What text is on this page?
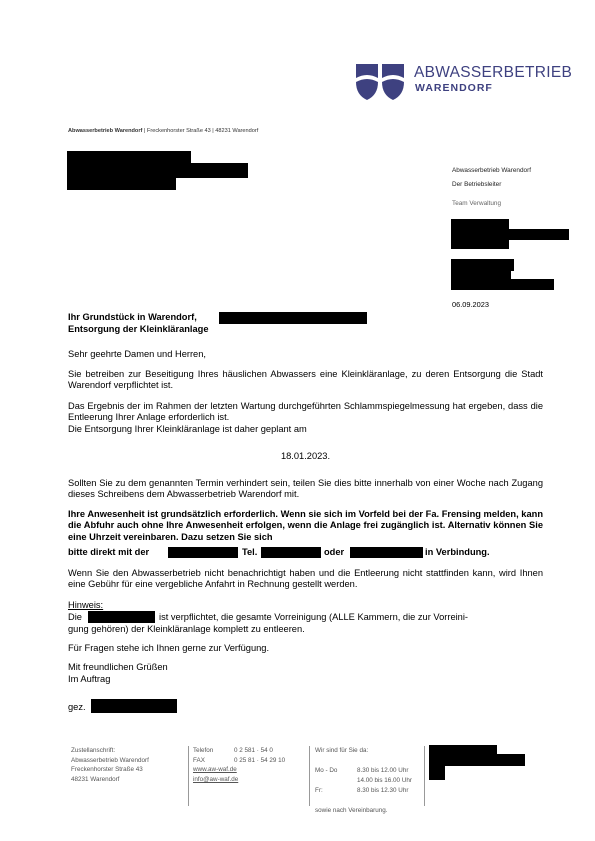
ABWASSERBETRIEB
WARENDORF
Abwasserbetrieb Warendorf | Freckenhorster Straße 43 | 48231 Warendorf
Abwasserbetrieb Warendorf
Der Betriebsleiter
Team Verwaltung
06.09.2023
Ihr Grundstück in Warendorf,
Entsorgung der Kleinkläranlage
Sehr geehrte Damen und Herren,
Sie betreiben zur Beseitigung Ihres häuslichen Abwassers eine Kleinkläranlage, zu deren Entsorgung die Stadt Warendorf verpflichtet ist.
Das Ergebnis der im Rahmen der letzten Wartung durchgeführten Schlammspiegelmessung hat ergeben, dass die Entleerung Ihrer Anlage erforderlich ist.
Die Entsorgung Ihrer Kleinkläranlage ist daher geplant am
18.01.2023.
Sollten Sie zu dem genannten Termin verhindert sein, teilen Sie dies bitte innerhalb von einer Woche nach Zugang dieses Schreibens dem Abwasserbetrieb Warendorf mit.
Ihre Anwesenheit ist grundsätzlich erforderlich. Wenn sie sich im Vorfeld bei der Fa. Frensing melden, kann die Abfuhr auch ohne Ihre Anwesenheit erfolgen, wenn die Anlage frei zugänglich ist. Alternativ können Sie eine Uhrzeit vereinbaren. Dazu setzen Sie sich
bitte direkt mit der	Tel.	oder	in Verbindung.
Wenn Sie den Abwasserbetrieb nicht benachrichtigt haben und die Entleerung nicht stattfinden kann, wird Ihnen eine Gebühr für eine vergebliche Anfahrt in Rechnung gestellt werden.
Hinweis:
Die	ist verpflichtet, die gesamte Vorreinigung (ALLE Kammern, die zur Vorreini-
gung gehören) der Kleinkläranlage komplett zu entleeren.
Für Fragen stehe ich Ihnen gerne zur Verfügung.
Mit freundlichen Grüßen
Im Auftrag
gez.
Zustellanschrift:
Abwasserbetrieb Warendorf
Freckenhorster Straße 43
48231 Warendorf
Telefon	0 2 581 · 54 0
FAX	0 25 81 · 54 29 10
www.aw-waf.de
info@aw-waf.de
Wir sind für Sie da:
Mo - Do	8.30 bis 12.00 Uhr
14.00 bis 16.00 Uhr
Fr:	8.30 bis 12.30 Uhr
sowie nach Vereinbarung.
